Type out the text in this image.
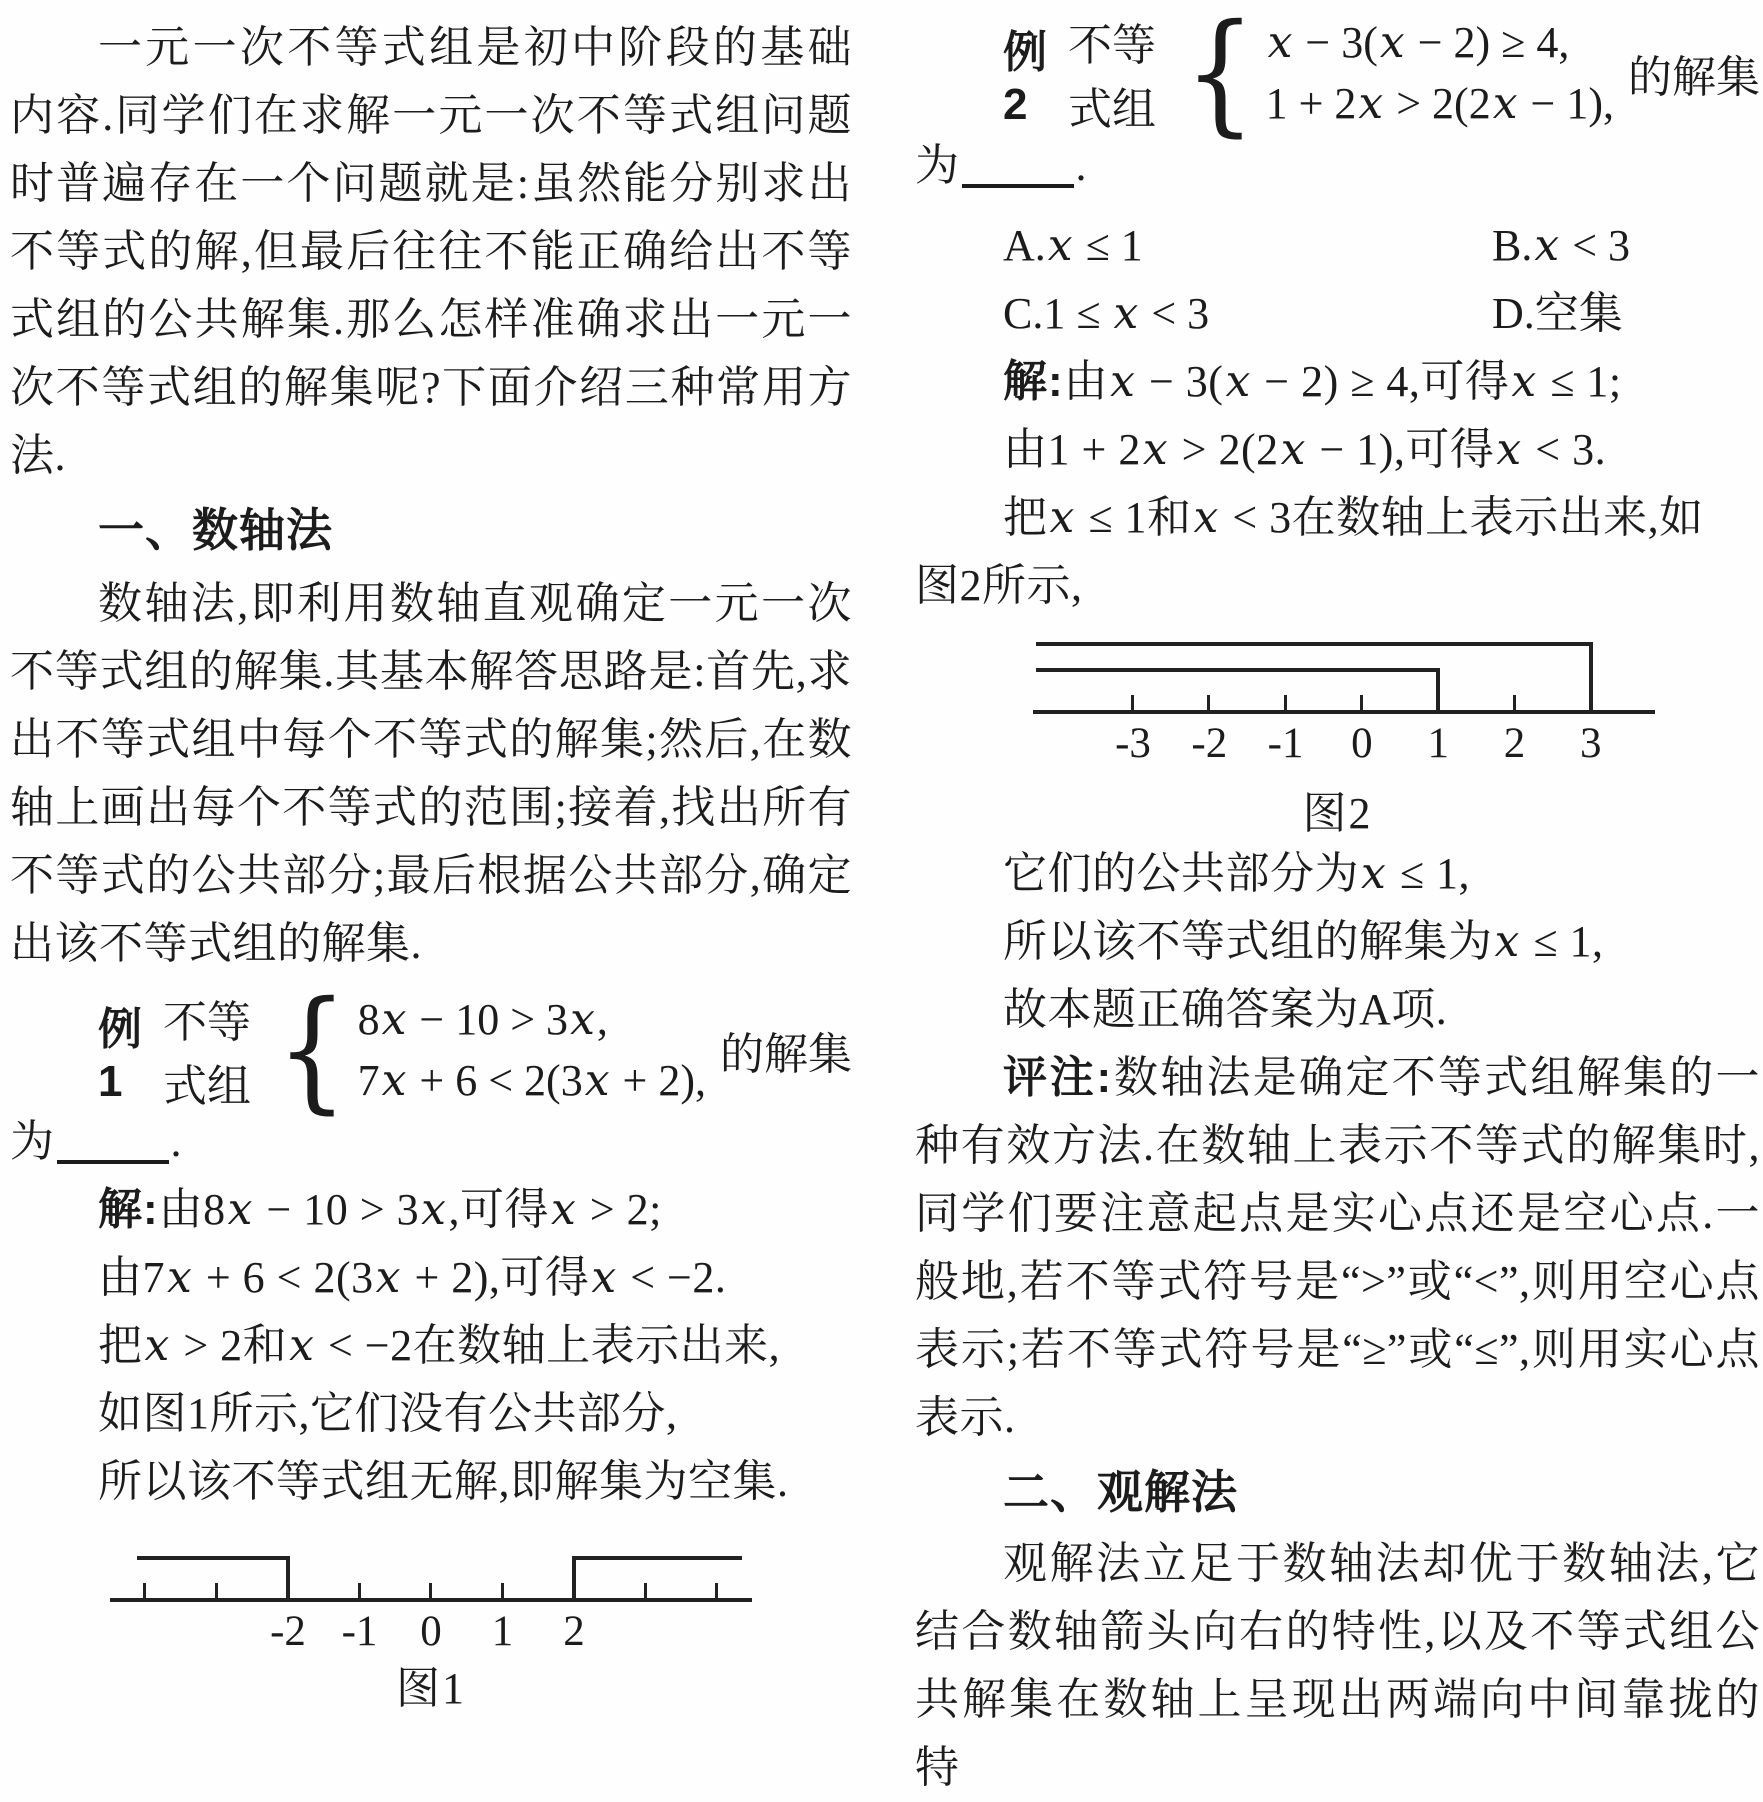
一元一次不等式组是初中阶段的基础内容.同学们在求解一元一次不等式组问题时普遍存在一个问题就是:虽然能分别求出不等式的解,但最后往往不能正确给出不等式组的公共解集.那么怎样准确求出一元一次不等式组的解集呢?下面介绍三种常用方法.

一、数轴法

数轴法,即利用数轴直观确定一元一次不等式组的解集.其基本解答思路是:首先,求出不等式组中每个不等式的解集;然后,在数轴上画出每个不等式的范围;接着,找出所有不等式的公共部分;最后根据公共部分,确定出该不等式组的解集.

例1
不等式组 { 8x − 10 > 3x,
7x + 6 < 2(3x + 2),
的解集

为	.

解:由8x − 10 > 3x,可得x > 2;

由7x + 6 < 2(3x + 2),可得x < −2.

把x > 2和x < −2在数轴上表示出来,

如图1所示,它们没有公共部分,

所以该不等式组无解,即解集为空集.

-2 -1 0	1	2
图1
例2
不等式组 { x − 3(x − 2) ≥ 4,
1 + 2x > 2(2x − 1),
的解集

为	.

A.x ≤ 1	B.x < 3
C.1 ≤ x < 3	D.空集

解:由x − 3(x − 2) ≥ 4,可得x ≤ 1;

由1 + 2x > 2(2x − 1),可得x < 3.

把x ≤ 1和x < 3在数轴上表示出来,如

图2所示,

-3 -2 -1	0	1	2	3
图2

它们的公共部分为x ≤ 1,

所以该不等式组的解集为x ≤ 1,

故本题正确答案为A项.

评注:数轴法是确定不等式组解集的一种有效方法.在数轴上表示不等式的解集时,同学们要注意起点是实心点还是空心点.一般地,若不等式符号是“>”或“<”,则用空心点表示;若不等式符号是“≥”或“≤”,则用实心点表示.

二、观解法

观解法立足于数轴法却优于数轴法,它结合数轴箭头向右的特性,以及不等式组公共解集在数轴上呈现出两端向中间靠拢的特
